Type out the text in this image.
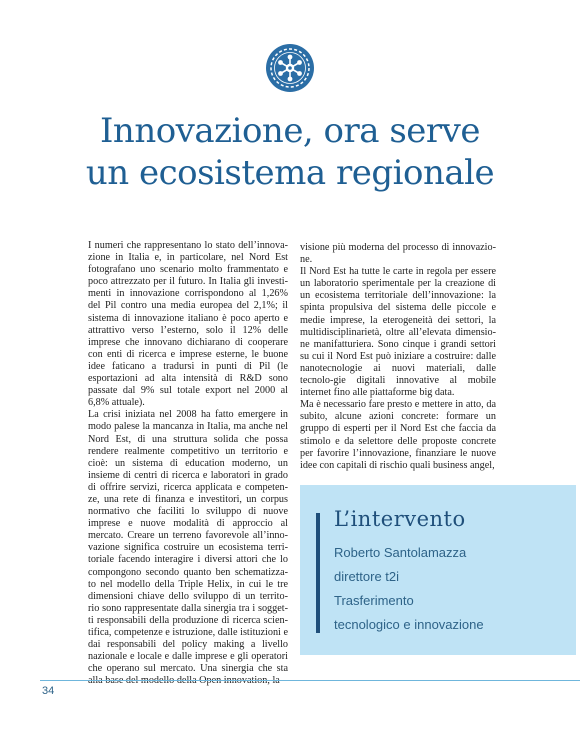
Innovazione, ora serve
un ecosistema regionale

I numeri che rappresentano lo stato dell’innova-zione in Italia e, in particolare, nel Nord Est fotografano uno scenario molto frammentato e poco attrezzato per il futuro. In Italia gli investi-menti in innovazione corrispondono al 1,26% del Pil contro una media europea del 2,1%; il sistema di innovazione italiano è poco aperto e attrattivo verso l’esterno, solo il 12% delle imprese che innovano dichiarano di cooperare con enti di ricerca e imprese esterne, le buone idee faticano a tradursi in punti di Pil (le esportazioni ad alta intensità di R&D sono passate dal 9% sul totale export nel 2000 al 6,8% attuale).

La crisi iniziata nel 2008 ha fatto emergere in modo palese la mancanza in Italia, ma anche nel Nord Est, di una struttura solida che possa rendere realmente competitivo un territorio e cioè: un sistema di education moderno, un insieme di centri di ricerca e laboratori in grado di offrire servizi, ricerca applicata e competen-ze, una rete di finanza e investitori, un corpus normativo che faciliti lo sviluppo di nuove imprese e nuove modalità di approccio al mercato. Creare un terreno favorevole all’inno-vazione significa costruire un ecosistema terri-toriale facendo interagire i diversi attori che lo compongono secondo quanto ben schematizza-to nel modello della Triple Helix, in cui le tre dimensioni chiave dello sviluppo di un territo-rio sono rappresentate dalla sinergia tra i sogget-ti responsabili della produzione di ricerca scien-tifica, competenze e istruzione, dalle istituzioni e dai responsabili del policy making a livello nazionale e locale e dalle imprese e gli operatori che operano sul mercato. Una sinergia che sta

visione più moderna del processo di innovazio-ne.

Il Nord Est ha tutte le carte in regola per essere un laboratorio sperimentale per la creazione di un ecosistema territoriale dell’innovazione: la spinta propulsiva del sistema delle piccole e medie imprese, la eterogeneità dei settori, la multidisciplinarietà, oltre all’elevata dimensio-ne manifatturiera. Sono cinque i grandi settori su cui il Nord Est può iniziare a costruire: dalle nanotecnologie ai nuovi materiali, dalle tecnolo-gie digitali innovative al mobile internet fino alle piattaforme big data.

Ma è necessario fare presto e mettere in atto, da subito, alcune azioni concrete: formare un gruppo di esperti per il Nord Est che faccia da stimolo e da selettore delle proposte concrete per favorire l’innovazione, finanziare le nuove idee con capitali di rischio quali business angel,

L’intervento

Roberto Santolamazza

direttore t2i

Trasferimento

tecnologico e innovazione

34
